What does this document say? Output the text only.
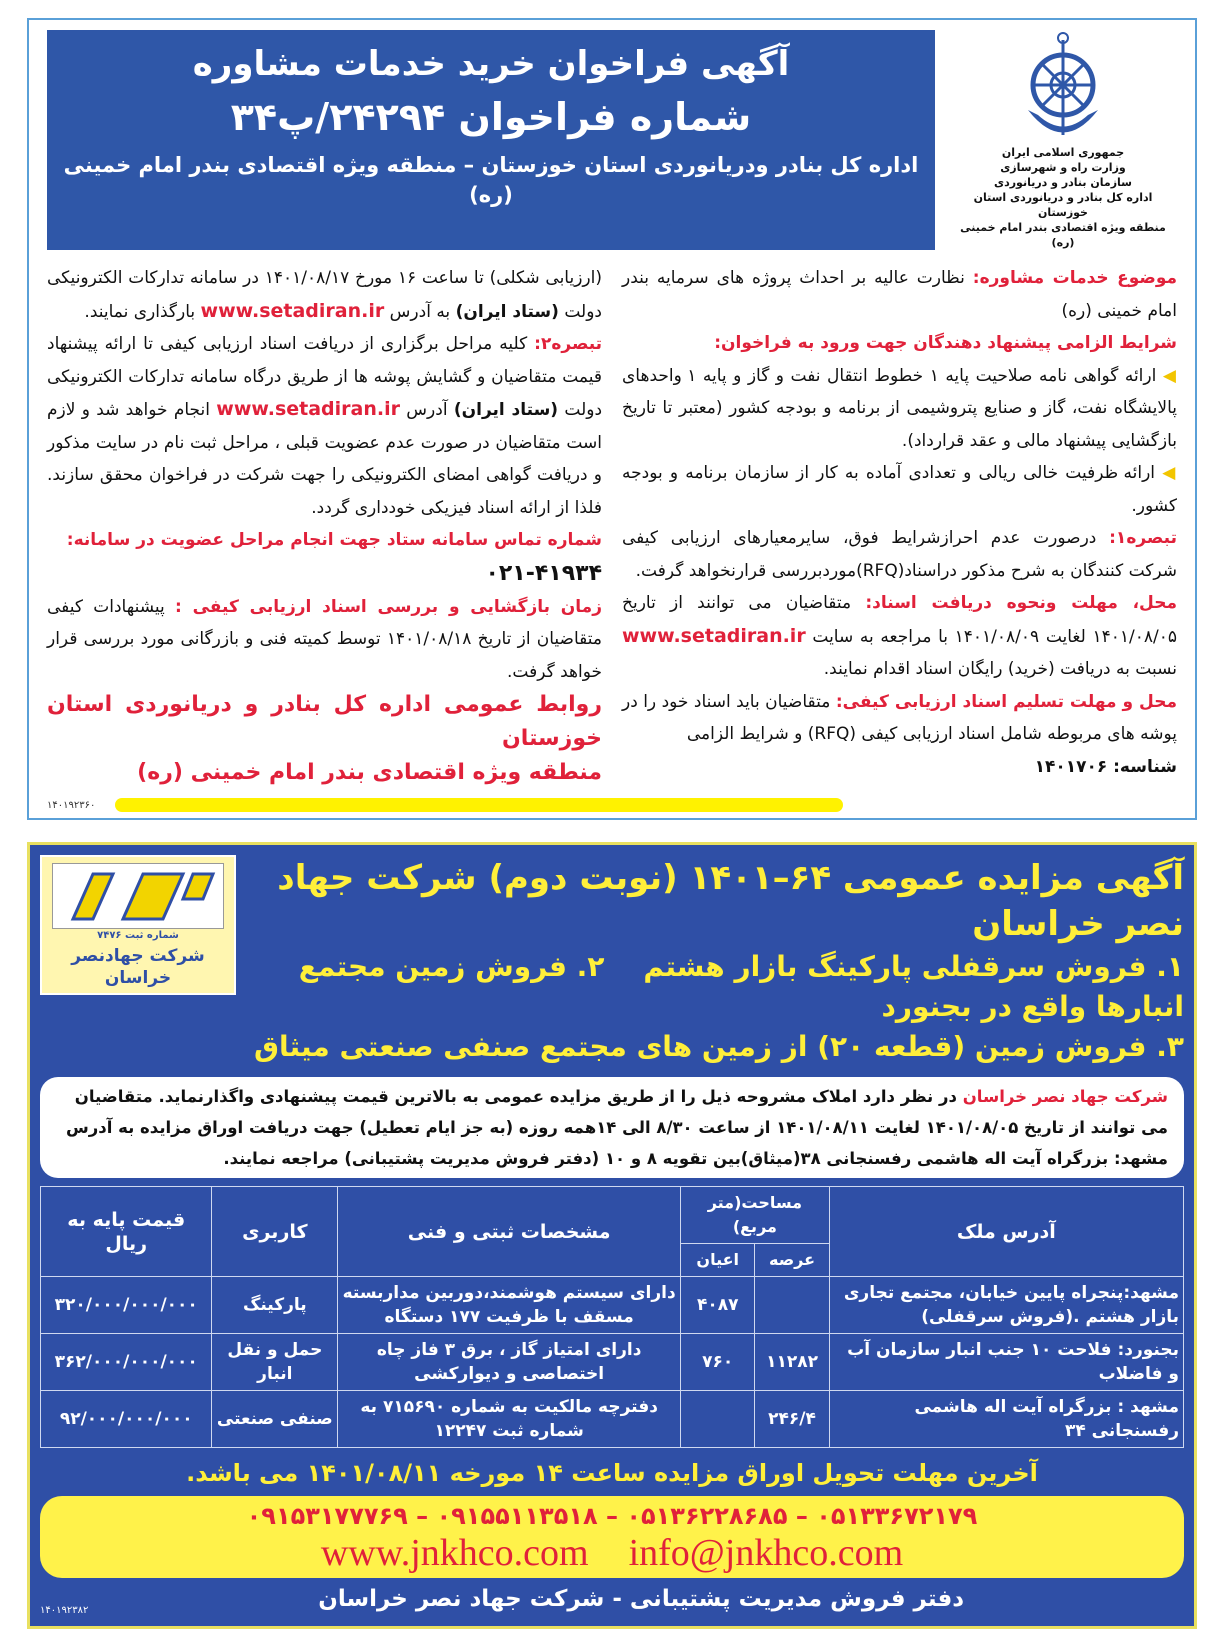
جمهوری اسلامی ایران
وزارت راه و شهرسازی
سازمان بنادر و دریانوردی
اداره کل بنادر و دریانوردی استان خوزستان
منطقه ویژه اقتصادی بندر امام خمینی (ره)
آگهی فراخوان خرید خدمات مشاوره
شماره فراخوان ۲۴۲۹۴/پ۳۴
اداره کل بنادر ودریانوردی استان خوزستان – منطقه ویژه اقتصادی بندر امام خمینی (ره)

موضوع خدمات مشاوره: نظارت عالیه بر احداث پروژه های سرمایه بندر امام خمینی (ره)

شرایط الزامی پیشنهاد دهندگان جهت ورود به فراخوان:

◀ ارائه گواهی نامه صلاحیت پایه ۱ خطوط انتقال نفت و گاز و پایه ۱ واحدهای پالایشگاه نفت، گاز و صنایع پتروشیمی از برنامه و بودجه کشور (معتبر تا تاریخ بازگشایی پیشنهاد مالی و عقد قرارداد).

◀ ارائه ظرفیت خالی ریالی و تعدادی آماده به کار از سازمان برنامه و بودجه کشور.

تبصره۱: درصورت عدم احرازشرایط فوق، سایرمعیارهای ارزیابی کیفی شرکت کنندگان به شرح مذکور دراسناد(RFQ)موردبررسی قرارنخواهد گرفت.

محل، مهلت ونحوه دریافت اسناد: متقاضیان می توانند از تاریخ ۱۴۰۱/۰۸/۰۵ لغایت ۱۴۰۱/۰۸/۰۹ با مراجعه به سایت www.setadiran.ir نسبت به دریافت (خرید) رایگان اسناد اقدام نمایند.

محل و مهلت تسلیم اسناد ارزیابی کیفی: متقاضیان باید اسناد خود را در پوشه های مربوطه شامل اسناد ارزیابی کیفی (RFQ) و شرایط الزامی

شناسه: ۱۴۰۱۷۰۶

(ارزیابی شکلی) تا ساعت ۱۶ مورخ ۱۴۰۱/۰۸/۱۷ در سامانه تدارکات الکترونیکی دولت (ستاد ایران) به آدرس www.setadiran.ir بارگذاری نمایند.

تبصره۲: کلیه مراحل برگزاری از دریافت اسناد ارزیابی کیفی تا ارائه پیشنهاد قیمت متقاضیان و گشایش پوشه ها از طریق درگاه سامانه تدارکات الکترونیکی دولت (ستاد ایران) آدرس www.setadiran.ir انجام خواهد شد و لازم است متقاضیان در صورت عدم عضویت قبلی ، مراحل ثبت نام در سایت مذکور و دریافت گواهی امضای الکترونیکی را جهت شرکت در فراخوان محقق سازند. فلذا از ارائه اسناد فیزیکی خودداری گردد.

شماره تماس سامانه ستاد جهت انجام مراحل عضویت در سامانه:

۰۲۱-۴۱۹۳۴

زمان بازگشایی و بررسی اسناد ارزیابی کیفی : پیشنهادات کیفی متقاضیان از تاریخ ۱۴۰۱/۰۸/۱۸ توسط کمیته فنی و بازرگانی مورد بررسی قرار خواهد گرفت.

روابط عمومی اداره کل بنادر و دریانوردی استان خوزستان

منطقه ویژه اقتصادی بندر امام خمینی (ره)

۱۴۰۱۹۲۳۶۰
آگهی مزایده عمومی ۶۴–۱۴۰۱ (نوبت دوم) شرکت جهاد نصر خراسان
۱. فروش سرقفلی پارکینگ بازار هشتم    ۲. فروش زمین مجتمع انبارها واقع در بجنورد
۳. فروش زمین (قطعه ۲۰) از زمین های مجتمع صنفی صنعتی میثاق
شماره ثبت ۷۴۷۶
شرکت جهادنصر خراسان
شرکت جهاد نصر خراسان در نظر دارد املاک مشروحه ذیل را از طریق مزایده عمومی به بالاترین قیمت پیشنهادی واگذارنماید. متقاضیان می توانند از تاریخ ۱۴۰۱/۰۸/۰۵ لغایت ۱۴۰۱/۰۸/۱۱ از ساعت ۸/۳۰ الی ۱۴همه روزه (به جز ایام تعطیل) جهت دریافت اوراق مزایده به آدرس مشهد: بزرگراه آیت اله هاشمی رفسنجانی ۳۸(میثاق)بین تقویه ۸ و ۱۰ (دفتر فروش مدیریت پشتیبانی) مراجعه نمایند.
آدرس ملک	مساحت(متر مربع)		مشخصات ثبتی و فنی	کاربری	قیمت پایه به ریال
	عرصه	اعیان			
مشهد:پنجراه پایین خیابان، مجتمع تجاری بازار هشتم .(فروش سرقفلی)		۴۰۸۷	دارای سیستم هوشمند،دوربین مداربسته مسقف با ظرفیت ۱۷۷ دستگاه	پارکینگ	۳۲۰/۰۰۰/۰۰۰/۰۰۰
بجنورد: فلاحت ۱۰ جنب انبار سازمان آب و فاضلاب	۱۱۲۸۲	۷۶۰	دارای امتیاز گاز ، برق ۳ فاز چاه اختصاصی و دیوارکشی	حمل و نقل انبار	۳۶۲/۰۰۰/۰۰۰/۰۰۰
مشهد : بزرگراه آیت اله هاشمی رفسنجانی ۳۴	۲۴۶/۴		دفترچه مالکیت به شماره ۷۱۵۶۹۰ به شماره ثبت ۱۲۲۴۷	صنفی صنعتی	۹۲/۰۰۰/۰۰۰/۰۰۰
آخرین مهلت تحویل اوراق مزایده ساعت ۱۴ مورخه ۱۴۰۱/۰۸/۱۱ می باشد.
۰۹۱۵۳۱۷۷۷۶۹ – ۰۹۱۵۵۱۱۳۵۱۸ – ۰۵۱۳۶۲۲۸۶۸۵ – ۰۵۱۳۳۶۷۲۱۷۹
www.jnkhco.com info@jnkhco.com
۱۴۰۱۹۲۳۸۲	دفتر فروش مدیریت پشتیبانی - شرکت جهاد نصر خراسان
